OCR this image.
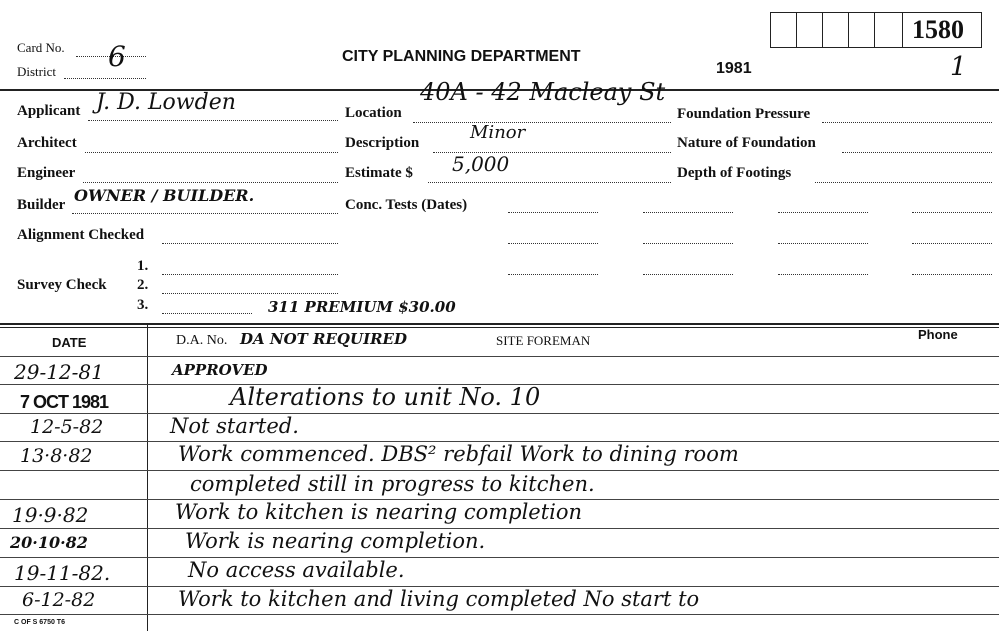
1580
Card No. 6
District
CITY PLANNING DEPARTMENT
1981	1
Applicant J. D. Lowden
Architect
Engineer
Builder OWNER / BUILDER.
Alignment Checked
Survey Check
1.
2.
3.	311 PREMIUM $30.00
Location
40A - 42 Macleay St
Description	Minor
Estimate $ 5,000
Conc. Tests (Dates)
Foundation Pressure
Nature of Foundation
Depth of Footings
DATE	D.A. No. DA NOT REQUIRED	SITE FOREMAN	Phone
29-12-81	APPROVED
7 OCT 1981	Alterations to unit No. 10
12-5-82	Not started.
13·8·82	Work commenced. DBS² rebfail Work to dining room
completed still in progress to kitchen.
19·9·82	Work to kitchen is nearing completion
20·10·82	Work is nearing completion.
19-11-82.	No access available.
6-12-82	Work to kitchen and living completed No start to
C OF S 6750 T6
